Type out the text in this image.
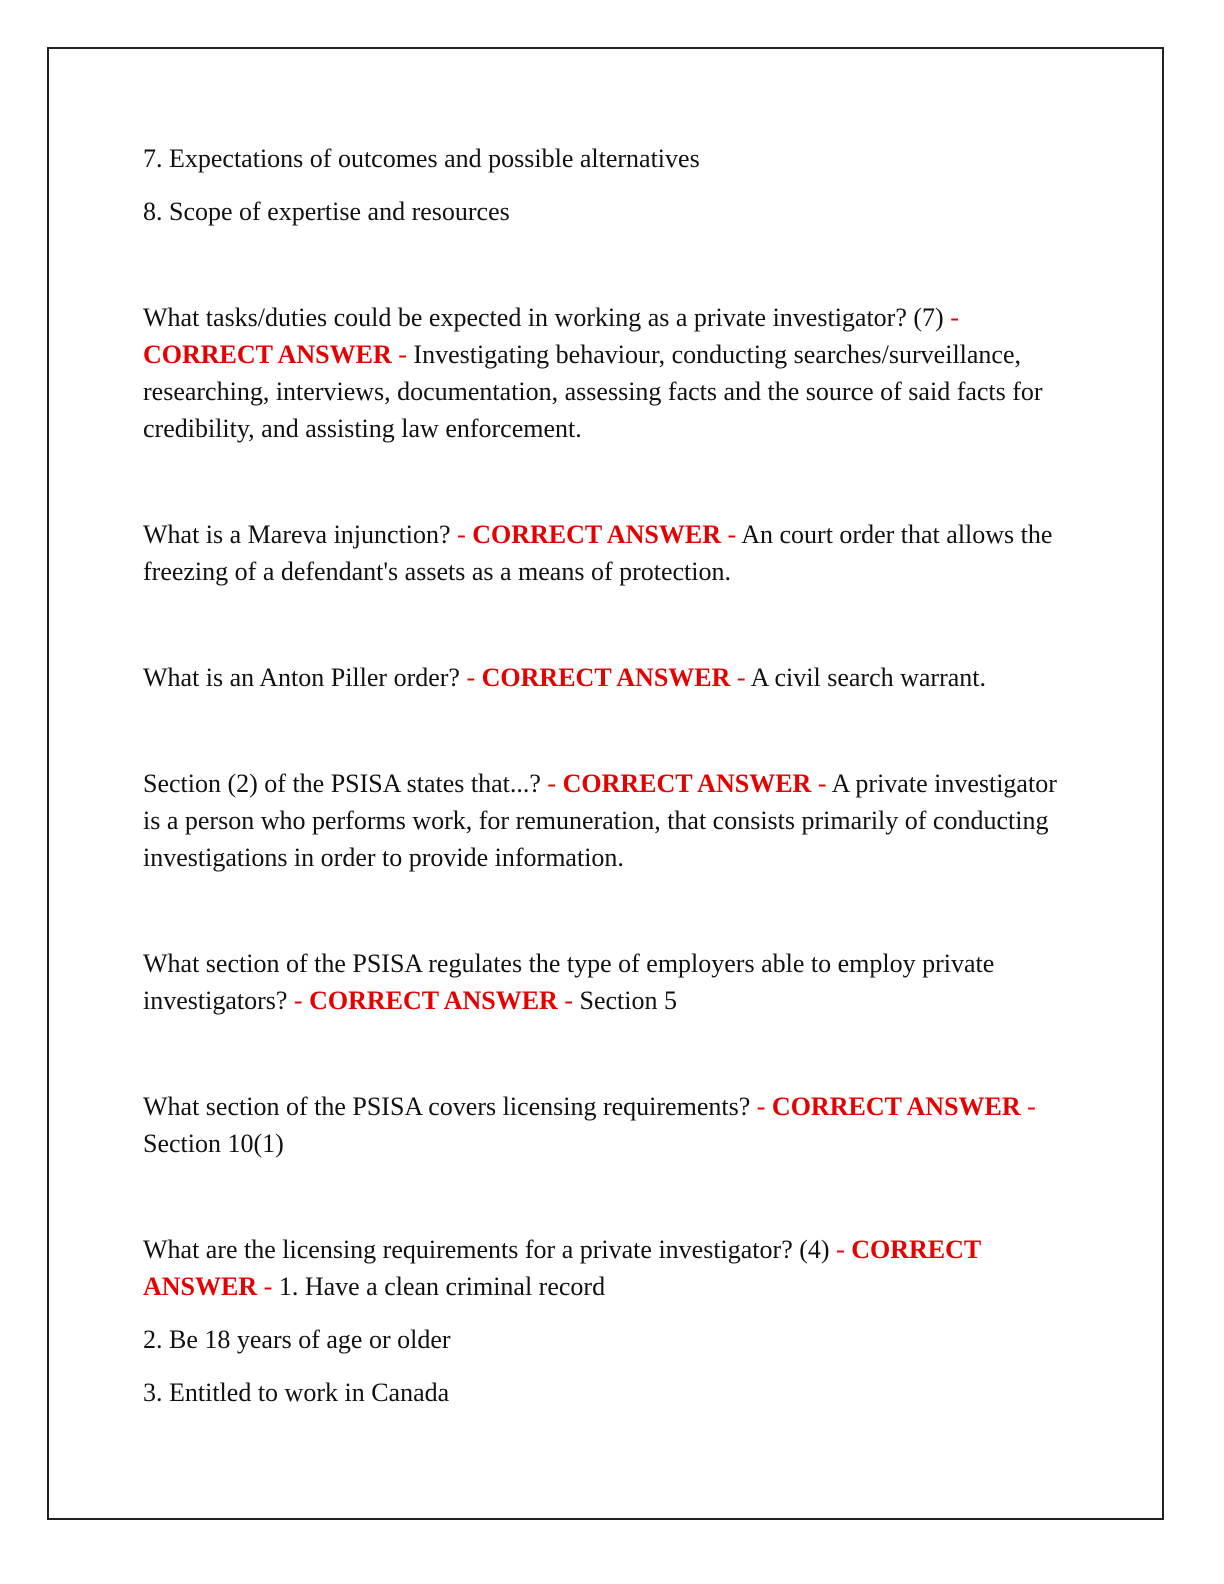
7. Expectations of outcomes and possible alternatives

8. Scope of expertise and resources

What tasks/duties could be expected in working as a private investigator? (7) -
CORRECT ANSWER - Investigating behaviour, conducting searches/surveillance, researching, interviews, documentation, assessing facts and the source of said facts for credibility, and assisting law enforcement.

What is a Mareva injunction? - CORRECT ANSWER - An court order that allows the freezing of a defendant's assets as a means of protection.

What is an Anton Piller order? - CORRECT ANSWER - A civil search warrant.

Section (2) of the PSISA states that...? - CORRECT ANSWER - A private investigator is a person who performs work, for remuneration, that consists primarily of conducting investigations in order to provide information.

What section of the PSISA regulates the type of employers able to employ private investigators? - CORRECT ANSWER - Section 5

What section of the PSISA covers licensing requirements? - CORRECT ANSWER - Section 10(1)

What are the licensing requirements for a private investigator? (4) - CORRECT ANSWER - 1. Have a clean criminal record

2. Be 18 years of age or older

3. Entitled to work in Canada
